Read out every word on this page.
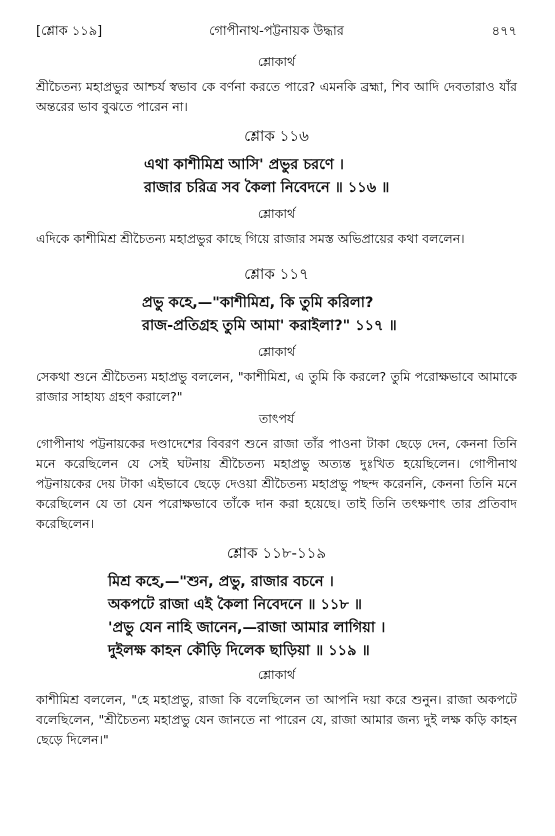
[শ্লোক ১১৯]	গোপীনাথ-পট্টনায়ক উদ্ধার	৪৭৭
শ্লোকার্থ

শ্রীচৈতন্য মহাপ্রভুর আশ্চর্য স্বভাব কে বর্ণনা করতে পারে? এমনকি ব্রহ্মা, শিব আদি দেবতারাও যাঁর অন্তরের ভাব বুঝতে পারেন না।

শ্লোক ১১৬
এথা কাশীমিশ্র আসি' প্রভুর চরণে ।
রাজার চরিত্র সব কৈলা নিবেদনে ॥ ১১৬ ॥
শ্লোকার্থ

এদিকে কাশীমিশ্র শ্রীচৈতন্য মহাপ্রভুর কাছে গিয়ে রাজার সমস্ত অভিপ্রায়ের কথা বললেন।

শ্লোক ১১৭
প্রভু কহে,—"কাশীমিশ্র, কি তুমি করিলা?
রাজ-প্রতিগ্রহ তুমি আমা' করাইলা?" ১১৭ ॥
শ্লোকার্থ

সেকথা শুনে শ্রীচৈতন্য মহাপ্রভু বললেন, "কাশীমিশ্র, এ তুমি কি করলে? তুমি পরোক্ষভাবে আমাকে রাজার সাহায্য গ্রহণ করালে?"

তাৎপর্য

গোপীনাথ পট্টনায়কের দণ্ডাদেশের বিবরণ শুনে রাজা তাঁর পাওনা টাকা ছেড়ে দেন, কেননা তিনি মনে করেছিলেন যে সেই ঘটনায় শ্রীচৈতন্য মহাপ্রভু অত্যন্ত দুঃখিত হয়েছিলেন। গোপীনাথ পট্টনায়কের দেয় টাকা এইভাবে ছেড়ে দেওয়া শ্রীচৈতন্য মহাপ্রভু পছন্দ করেননি, কেননা তিনি মনে করেছিলেন যে তা যেন পরোক্ষভাবে তাঁকে দান করা হয়েছে। তাই তিনি তৎক্ষণাৎ তার প্রতিবাদ করেছিলেন।

শ্লোক ১১৮-১১৯
মিশ্র কহে,—"শুন, প্রভু, রাজার বচনে ।
অকপটে রাজা এই কৈলা নিবেদনে ॥ ১১৮ ॥
'প্রভু যেন নাহি জানেন,—রাজা আমার লাগিয়া ।
দুইলক্ষ কাহন কৌড়ি দিলেক ছাড়িয়া ॥ ১১৯ ॥
শ্লোকার্থ

কাশীমিশ্র বললেন, "হে মহাপ্রভু, রাজা কি বলেছিলেন তা আপনি দয়া করে শুনুন। রাজা অকপটে বলেছিলেন, "শ্রীচৈতন্য মহাপ্রভু যেন জানতে না পারেন যে, রাজা আমার জন্য দুই লক্ষ কড়ি কাহন ছেড়ে দিলেন।"
